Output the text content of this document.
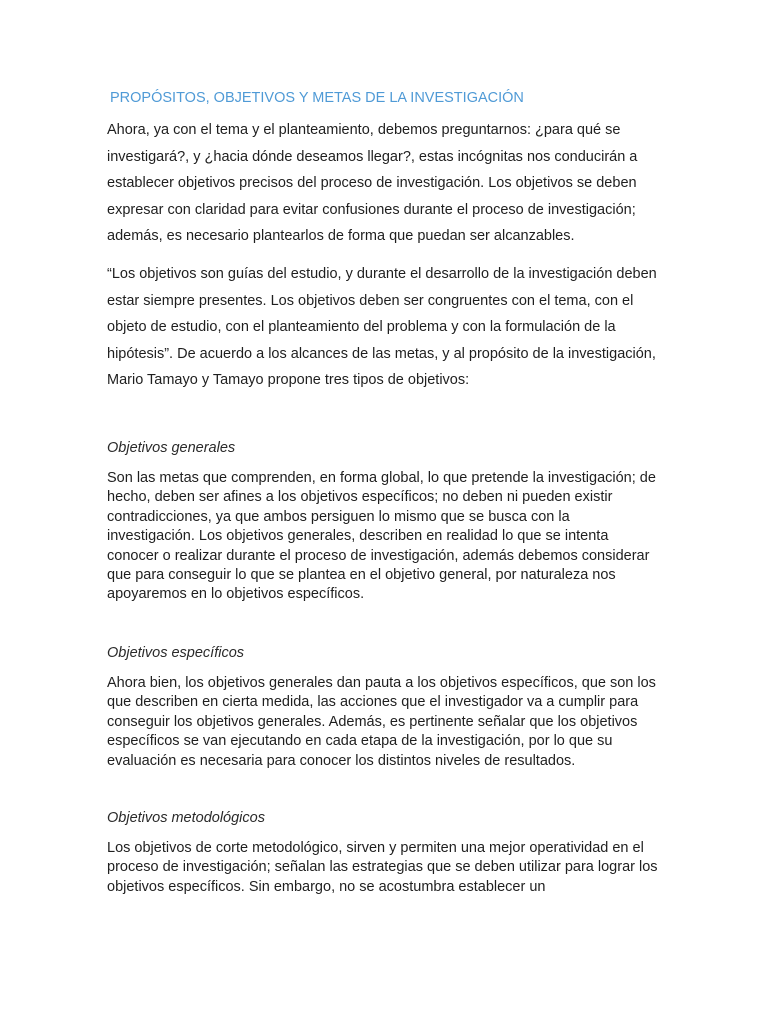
PROPÓSITOS, OBJETIVOS Y METAS DE LA INVESTIGACIÓN

Ahora, ya con el tema y el planteamiento, debemos preguntarnos: ¿para qué se investigará?, y ¿hacia dónde deseamos llegar?, estas incógnitas nos conducirán a establecer objetivos precisos del proceso de investigación. Los objetivos se deben expresar con claridad para evitar confusiones durante el proceso de investigación; además, es necesario plantearlos de forma que puedan ser alcanzables.

“Los objetivos son guías del estudio, y durante el desarrollo de la investigación deben estar siempre presentes. Los objetivos deben ser congruentes con el tema, con el objeto de estudio, con el planteamiento del problema y con la formulación de la hipótesis”. De acuerdo a los alcances de las metas, y al propósito de la investigación, Mario Tamayo y Tamayo propone tres tipos de objetivos:

Objetivos generales

Son las metas que comprenden, en forma global, lo que pretende la investigación; de hecho, deben ser afines a los objetivos específicos; no deben ni pueden existir contradicciones, ya que ambos persiguen lo mismo que se busca con la investigación. Los objetivos generales, describen en realidad lo que se intenta conocer o realizar durante el proceso de investigación, además debemos considerar que para conseguir lo que se plantea en el objetivo general, por naturaleza nos apoyaremos en lo objetivos específicos.

Objetivos específicos

Ahora bien, los objetivos generales dan pauta a los objetivos específicos, que son los que describen en cierta medida, las acciones que el investigador va a cumplir para conseguir los objetivos generales. Además, es pertinente señalar que los objetivos específicos se van ejecutando en cada etapa de la investigación, por lo que su evaluación es necesaria para conocer los distintos niveles de resultados.

Objetivos metodológicos

Los objetivos de corte metodológico, sirven y permiten una mejor operatividad en el proceso de investigación; señalan las estrategias que se deben utilizar para lograr los objetivos específicos. Sin embargo, no se acostumbra establecer un
